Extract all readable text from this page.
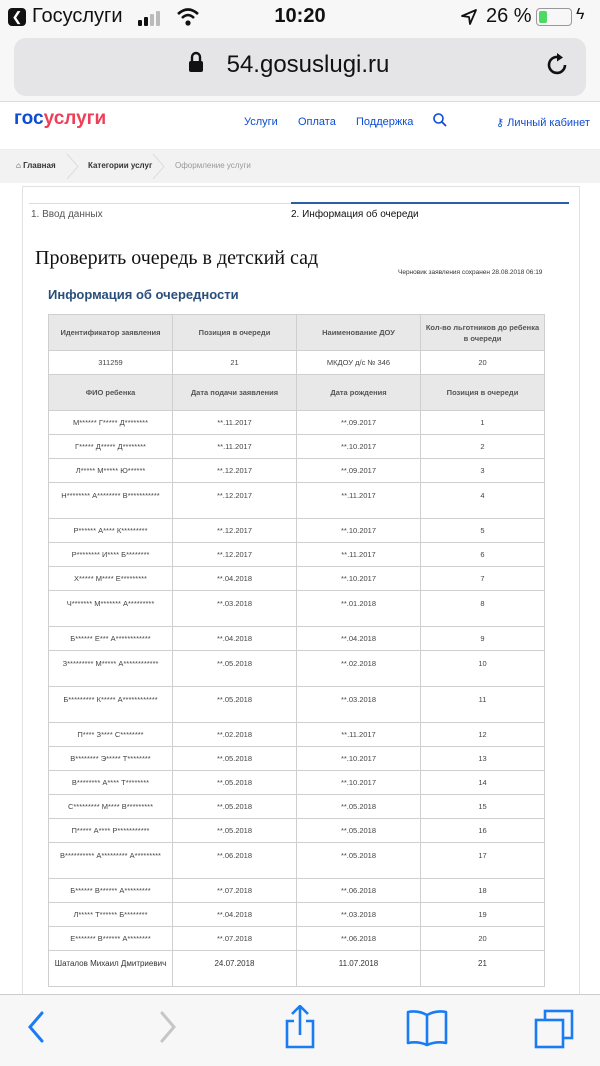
❮ Госуслуги	10:20	26 %	ϟ
54.gosuslugi.ru
госуслуги	Услуги Оплата Поддержка	⚷ Личный кабинет
⌂ Главная	Категории услуг	Оформление услуги
1. Ввод данных	2. Информация об очереди
Проверить очередь в детский сад
Черновик заявления сохранен 28.08.2018 06:19
Информация об очередности
Идентификатор заявления	Позиция в очереди	Наименование ДОУ	Кол-во льготников до ребенка в очереди
311259	21	МКДОУ д/с № 346	20
ФИО ребенка	Дата подачи заявления	Дата рождения	Позиция в очереди
М****** Г***** Д********	**.11.2017	**.09.2017	1
Г***** Д***** Д********	**.11.2017	**.10.2017	2
Л***** М***** Ю******	**.12.2017	**.09.2017	3
Н******** А******** В***********	**.12.2017	**.11.2017	4
Р****** А**** К*********	**.12.2017	**.10.2017	5
Р******** И**** Б********	**.12.2017	**.11.2017	6
Х***** М**** Е*********	**.04.2018	**.10.2017	7
Ч******* М******* А*********	**.03.2018	**.01.2018	8
Б****** Е*** А************	**.04.2018	**.04.2018	9
З********* М***** А************	**.05.2018	**.02.2018	10
Б********* К***** А************	**.05.2018	**.03.2018	11
П**** З**** С********	**.02.2018	**.11.2017	12
В******** Э***** Т********	**.05.2018	**.10.2017	13
В******** А**** Т********	**.05.2018	**.10.2017	14
С********* М**** В*********	**.05.2018	**.05.2018	15
П***** А**** Р***********	**.05.2018	**.05.2018	16
В********** А********* А*********	**.06.2018	**.05.2018	17
Б****** В****** А*********	**.07.2018	**.06.2018	18
Л***** Т****** Б********	**.04.2018	**.03.2018	19
Е******* В****** А********	**.07.2018	**.06.2018	20
Шаталов Михаил Дмитриевич	24.07.2018	11.07.2018	21
